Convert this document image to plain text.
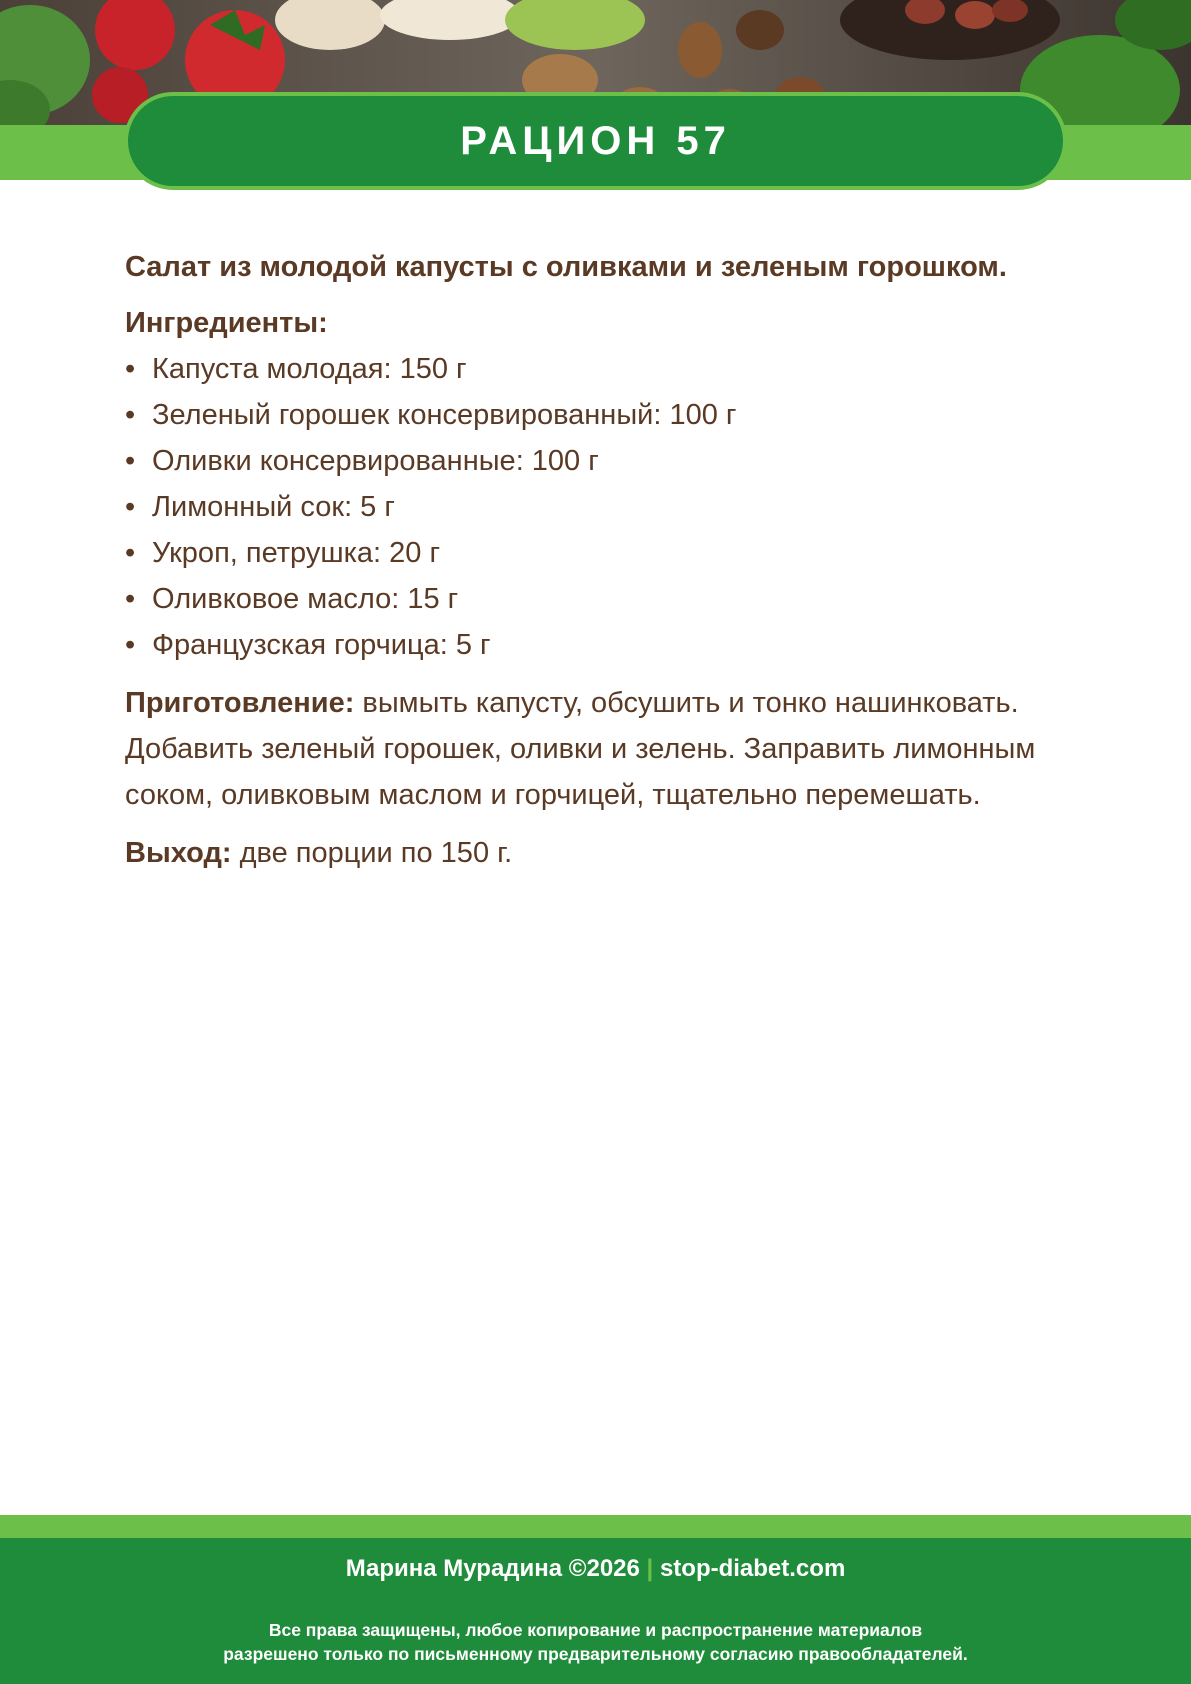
РАЦИОН 57
Салат из молодой капусты с оливками и зеленым горошком.
Ингредиенты:
• Капуста молодая: 150 г
• Зеленый горошек консервированный: 100 г
• Оливки консервированные: 100 г
• Лимонный сок: 5 г
• Укроп, петрушка: 20 г
• Оливковое масло: 15 г
• Французская горчица: 5 г

Приготовление: вымыть капусту, обсушить и тонко нашинковать. Добавить зеленый горошек, оливки и зелень. Заправить лимонным соком, оливковым маслом и горчицей, тщательно перемешать.

Выход: две порции по 150 г.

Марина Мурадина ©2026 | stop-diabet.com
Все права защищены, любое копирование и распространение материалов
разрешено только по письменному предварительному согласию правообладателей.
